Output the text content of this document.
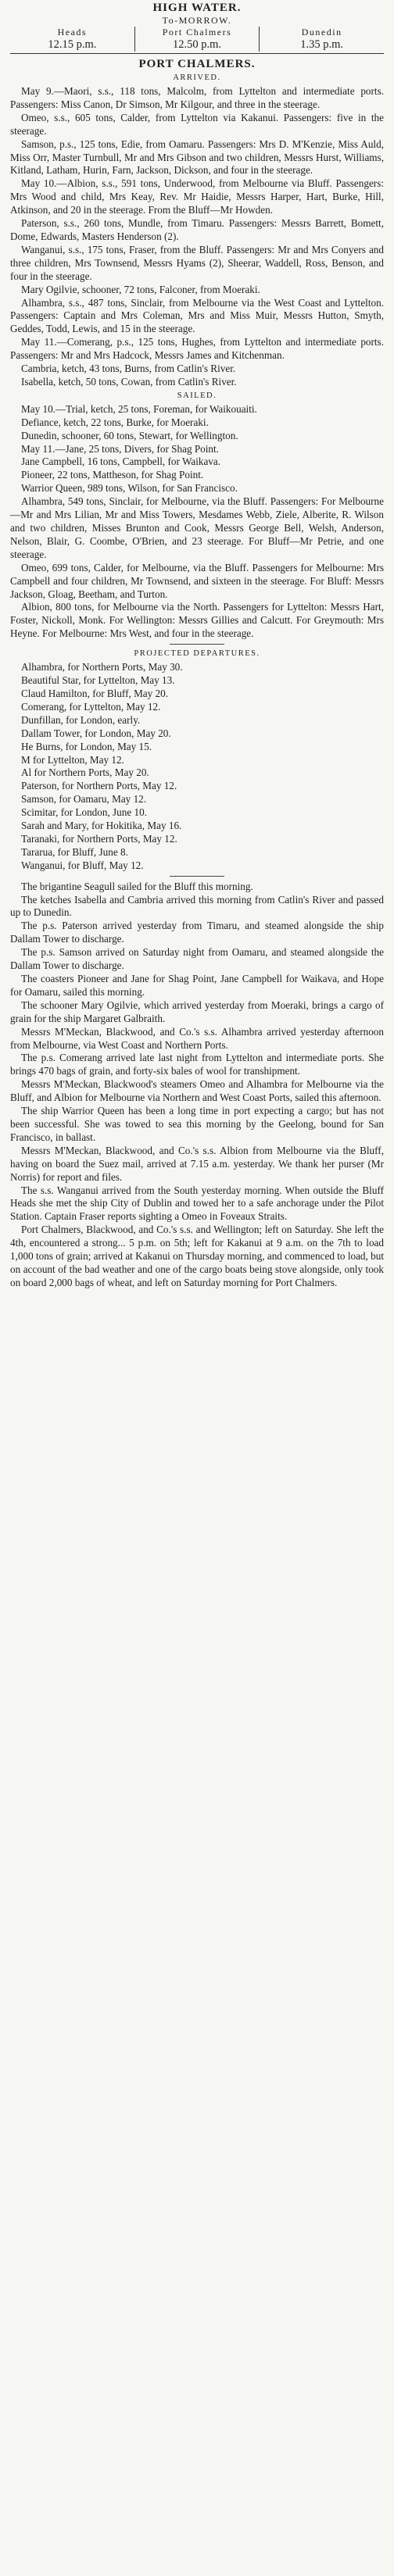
HIGH WATER.
To-MORROW.
Heads
12.15 p.m.
Port Chalmers
12.50 p.m.
Dunedin
1.35 p.m.
PORT CHALMERS.
ARRIVED.

May 9.—Maori, s.s., 118 tons, Malcolm, from Lyttelton and intermediate ports. Passengers: Miss Canon, Dr Simson, Mr Kilgour, and three in the steerage.

Omeo, s.s., 605 tons, Calder, from Lyttelton via Kakanui. Passengers: five in the steerage.

Samson, p.s., 125 tons, Edie, from Oamaru. Passengers: Mrs D. M'Kenzie, Miss Auld, Miss Orr, Master Turnbull, Mr and Mrs Gibson and two children, Messrs Hurst, Williams, Kitland, Latham, Hurin, Farn, Jackson, Dickson, and four in the steerage.

May 10.—Albion, s.s., 591 tons, Underwood, from Melbourne via Bluff. Passengers: Mrs Wood and child, Mrs Keay, Rev. Mr Haidie, Messrs Harper, Hart, Burke, Hill, Atkinson, and 20 in the steerage. From the Bluff—Mr Howden.

Paterson, s.s., 260 tons, Mundle, from Timaru. Passengers: Messrs Barrett, Bomett, Dome, Edwards, Masters Henderson (2).

Wanganui, s.s., 175 tons, Fraser, from the Bluff. Passengers: Mr and Mrs Conyers and three children, Mrs Townsend, Messrs Hyams (2), Sheerar, Waddell, Ross, Benson, and four in the steerage.

Mary Ogilvie, schooner, 72 tons, Falconer, from Moeraki.

Alhambra, s.s., 487 tons, Sinclair, from Melbourne via the West Coast and Lyttelton. Passengers: Captain and Mrs Coleman, Mrs and Miss Muir, Messrs Hutton, Smyth, Geddes, Todd, Lewis, and 15 in the steerage.

May 11.—Comerang, p.s., 125 tons, Hughes, from Lyttelton and intermediate ports. Passengers: Mr and Mrs Hadcock, Messrs James and Kitchenman.

Cambria, ketch, 43 tons, Burns, from Catlin's River.

Isabella, ketch, 50 tons, Cowan, from Catlin's River.

SAILED.

May 10.—Trial, ketch, 25 tons, Foreman, for Waikouaiti.

Defiance, ketch, 22 tons, Burke, for Moeraki.

Dunedin, schooner, 60 tons, Stewart, for Wellington.

May 11.—Jane, 25 tons, Divers, for Shag Point.

Jane Campbell, 16 tons, Campbell, for Waikava.

Pioneer, 22 tons, Mattheson, for Shag Point.

Warrior Queen, 989 tons, Wilson, for San Francisco.

Alhambra, 549 tons, Sinclair, for Melbourne, via the Bluff. Passengers: For Melbourne—Mr and Mrs Lilian, Mr and Miss Towers, Mesdames Webb, Ziele, Alberite, R. Wilson and two children, Misses Brunton and Cook, Messrs George Bell, Welsh, Anderson, Nelson, Blair, G. Coombe, O'Brien, and 23 steerage. For Bluff—Mr Petrie, and one steerage.

Omeo, 699 tons, Calder, for Melbourne, via the Bluff. Passengers for Melbourne: Mrs Campbell and four children, Mr Townsend, and sixteen in the steerage. For Bluff: Messrs Jackson, Gloag, Beetham, and Turton.

Albion, 800 tons, for Melbourne via the North. Passengers for Lyttelton: Messrs Hart, Foster, Nickoll, Monk. For Wellington: Messrs Gillies and Calcutt. For Greymouth: Mrs Heyne. For Melbourne: Mrs West, and four in the steerage.

PROJECTED DEPARTURES.
Alhambra, for Northern Ports, May 30.
Beautiful Star, for Lyttelton, May 13.
Claud Hamilton, for Bluff, May 20.
Comerang, for Lyttelton, May 12.
Dunfillan, for London, early.
Dallam Tower, for London, May 20.
He Burns, for London, May 15.
M for Lyttelton, May 12.
Al for Northern Ports, May 20.
Paterson, for Northern Ports, May 12.
Samson, for Oamaru, May 12.
Scimitar, for London, June 10.
Sarah and Mary, for Hokitika, May 16.
Taranaki, for Northern Ports, May 12.
Tararua, for Bluff, June 8.
Wanganui, for Bluff, May 12.

The brigantine Seagull sailed for the Bluff this morning.

The ketches Isabella and Cambria arrived this morning from Catlin's River and passed up to Dunedin.

The p.s. Paterson arrived yesterday from Timaru, and steamed alongside the ship Dallam Tower to discharge.

The p.s. Samson arrived on Saturday night from Oamaru, and steamed alongside the Dallam Tower to discharge.

The coasters Pioneer and Jane for Shag Point, Jane Campbell for Waikava, and Hope for Oamaru, sailed this morning.

The schooner Mary Ogilvie, which arrived yesterday from Moeraki, brings a cargo of grain for the ship Margaret Galbraith.

Messrs M'Meckan, Blackwood, and Co.'s s.s. Alhambra arrived yesterday afternoon from Melbourne, via West Coast and Northern Ports.

The p.s. Comerang arrived late last night from Lyttelton and intermediate ports. She brings 470 bags of grain, and forty-six bales of wool for transhipment.

Messrs M'Meckan, Blackwood's steamers Omeo and Alhambra for Melbourne via the Bluff, and Albion for Melbourne via Northern and West Coast Ports, sailed this afternoon.

The ship Warrior Queen has been a long time in port expecting a cargo; but has not been successful. She was towed to sea this morning by the Geelong, bound for San Francisco, in ballast.

Messrs M'Meckan, Blackwood, and Co.'s s.s. Albion from Melbourne via the Bluff, having on board the Suez mail, arrived at 7.15 a.m. yesterday. We thank her purser (Mr Norris) for report and files.

The s.s. Wanganui arrived from the South yesterday morning. When outside the Bluff Heads she met the ship City of Dublin and towed her to a safe anchorage under the Pilot Station. Captain Fraser reports sighting a Omeo in Foveaux Straits.

Port Chalmers, Blackwood, and Co.'s s.s. and Wellington; left on Saturday. She left the 4th, encountered a strong... 5 p.m. on 5th; left for Kakanui at 9 a.m. on the 7th to load 1,000 tons of grain; arrived at Kakanui on Thursday morning, and commenced to load, but on account of the bad weather and one of the cargo boats being stove alongside, only took on board 2,000 bags of wheat, and left on Saturday morning for Port Chalmers.
